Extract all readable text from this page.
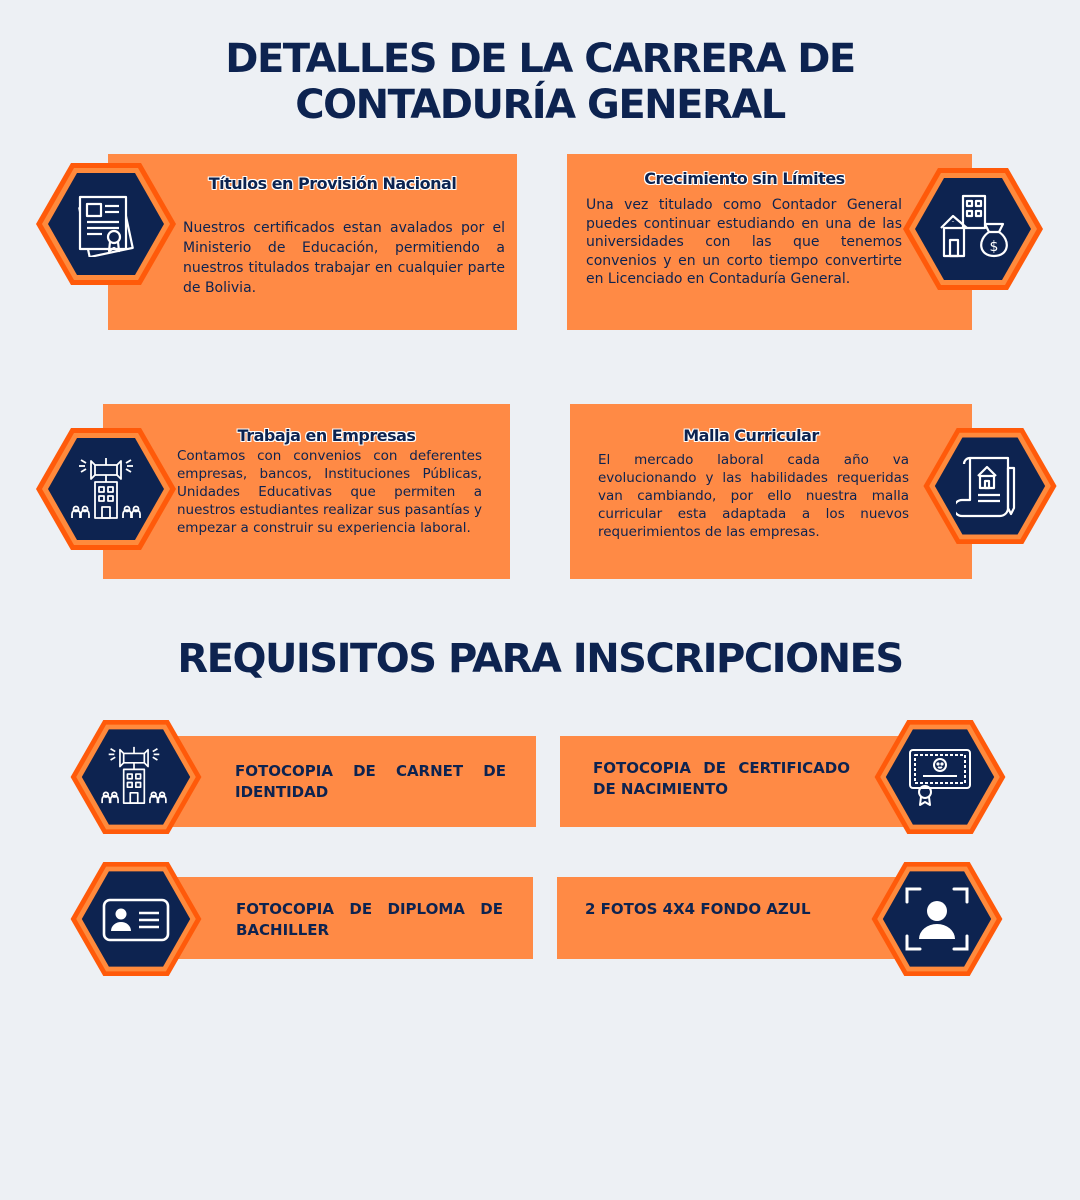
DETALLES DE LA CARRERA DE
CONTADURÍA GENERAL
Títulos en Provisión Nacional

Nuestros certificados estan avalados por el Ministerio de Educación, permitiendo a nuestros titulados trabajar en cualquier parte de Bolivia.

Crecimiento sin Límites

Una vez titulado como Contador General puedes continuar estudiando en una de las universidades con las que tenemos convenios y en un corto tiempo convertirte en Licenciado en Contaduría General.

$
Trabaja en Empresas

Contamos con convenios con deferentes empresas, bancos, Instituciones Públicas, Unidades Educativas que permiten a nuestros estudiantes realizar sus pasantías y empezar a construir su experiencia laboral.

Malla Curricular

El mercado laboral cada año va evolucionando y las habilidades requeridas van cambiando, por ello nuestra malla curricular esta adaptada a los nuevos requerimientos de las empresas.

REQUISITOS PARA INSCRIPCIONES

FOTOCOPIA DE CARNET DE IDENTIDAD

FOTOCOPIA DE CERTIFICADO DE NACIMIENTO

FOTOCOPIA DE DIPLOMA DE BACHILLER

2 FOTOS 4X4 FONDO AZUL
